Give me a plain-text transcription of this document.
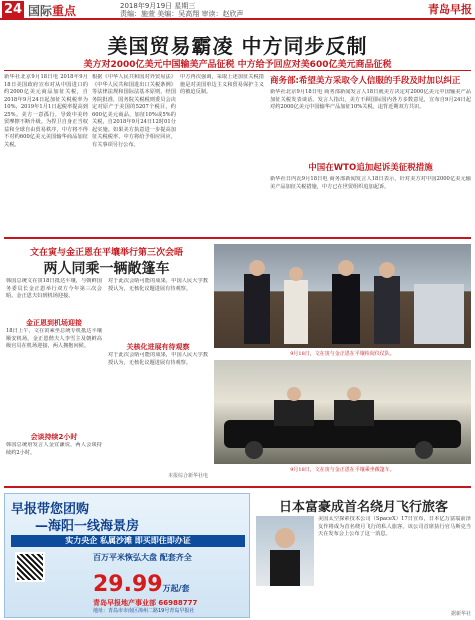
24 国际重点	2018年9月19日 星期三
责编：施萱 美编：吴高翔 审读：赵欣声	青岛早报
美国贸易霸凌 中方同步反制
美方对2000亿美元中国输美产品征税 中方给予回应对美600亿美元商品征税
新华社北京9月18日电 2018年9月18日美国政府宣布对从中国进口的约2000亿美元商品加征关税，自2018年9月24日起加征关税税率为10%，2019年1月1日起税率提高到25%。美方一意孤行，导致中美经贸摩擦不断升级。为捍卫自身正当权益和全球自由贸易秩序，中方将不得不对约600亿美元美国输华商品加征关税。
根据《中华人民共和国对外贸易法》《中华人民共和国进出口关税条例》等法律法规和国际法基本原则，经国务院批准，国务院关税税则委员会决定对原产于美国的5207个税目，约600亿美元商品，加征10%或5%的关税，自2018年9月24日12时01分起实施。如果美方执意进一步提高加征关税税率，中方将给予相应回应，有关事项另行公布。
中方再次强调，采取上述加征关税措施是对美国单边主义和贸易保护主义的被迫反制。
商务部:希望美方采取令人信服的手段及时加以纠正
新华社北京9月18日电 商务部新闻发言人18日就美方决定对2000亿美元中国输美产品加征关税发表谈话。发言人指出，美方不顾国际国内各方多数意见，宣布自9月24日起对约2000亿美元中国输华产品加征10%关税，违背近期双方共识。
中国在WTO追加起诉美征税措施
新华社日内瓦9月18日电 商务部新闻发言人18日表示，针对美方对中国2000亿美元输美产品加征关税措施，中方已在世贸组织追加起诉。
文在寅与金正恩在平壤举行第三次会晤
两人同乘一辆敞篷车
韩国总统文在寅18日抵达平壤，与朝鲜国务委员长金正恩举行双方今年第三次会晤。金正恩夫妇到机场迎接。
金正恩到机场迎接
18日上午，文在寅乘坐总统专机抵达平壤顺安机场。金正恩偕夫人李雪主及朝鲜高级官员在机场迎接，两人拥抱问候。
会谈持续2小时
韩国总统府发言人金宜谦说，两人会谈持续约2小时。
对于此次会晤可能的成果，中国人民大学教授认为，无核化议题进展有待观察。
关核化进展有待观察
对于此次会晤可能的成果，中国人民大学教授认为，无核化议题进展有待观察。
本报综合新华社电
9月18日，文在寅与金正恩在平壤检阅仪仗队。
9月18日，文在寅与金正恩在平壤乘坐敞篷车。
早报带您团购
—海阳一线海景房
实力央企 私属沙滩 即买即住即办证
百万平米恢弘大盘 配套齐全
29.99万起/套
青岛早报地产事业部 66988777
地址：青岛市市南区漳州二路19号青岛早报社
日本富豪成首名绕月飞行旅客
美国太空探索技术公司（SpaceX）17日宣布，日本亿万富翁前泽友作将成为首名绕月飞行的私人旅客。该公司首席执行官马斯克当天在发布会上公布了这一消息。
据新华社
